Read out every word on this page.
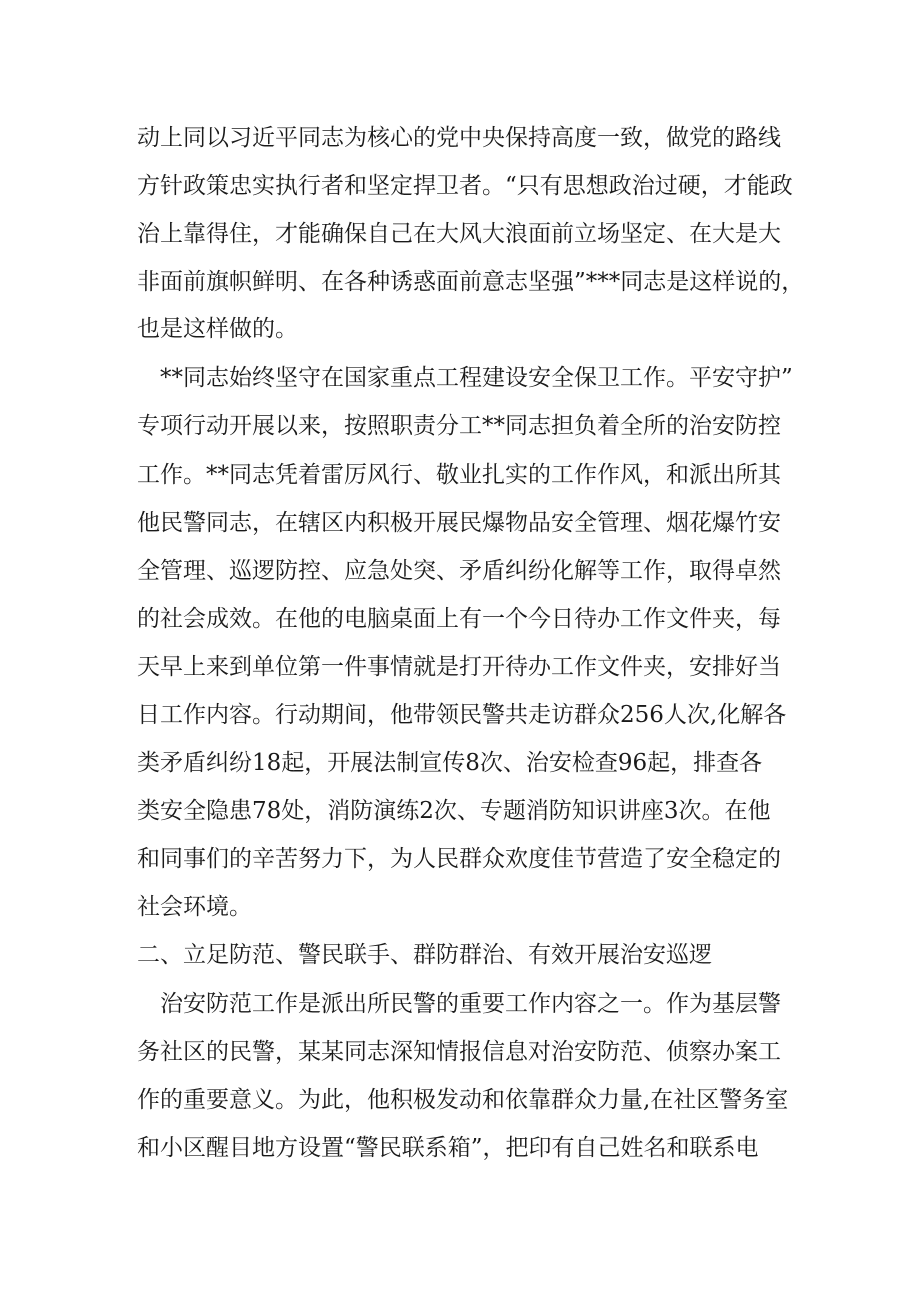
动上同以习近平同志为核心的党中央保持高度一致，做党的路线
方针政策忠实执行者和坚定捍卫者。“只有思想政治过硬，才能政
治上靠得住，才能确保自己在大风大浪面前立场坚定、在大是大
非面前旗帜鲜明、在各种诱惑面前意志坚强”***同志是这样说的，
也是这样做的。
**同志始终坚守在国家重点工程建设安全保卫工作。平安守护”
专项行动开展以来，按照职责分工**同志担负着全所的治安防控
工作。**同志凭着雷厉风行、敬业扎实的工作作风，和派出所其
他民警同志，在辖区内积极开展民爆物品安全管理、烟花爆竹安
全管理、巡逻防控、应急处突、矛盾纠纷化解等工作，取得卓然
的社会成效。在他的电脑桌面上有一个今日待办工作文件夹，每
天早上来到单位第一件事情就是打开待办工作文件夹，安排好当
日工作内容。行动期间，他带领民警共走访群众256人次,化解各
类矛盾纠纷18起，开展法制宣传8次、治安检查96起，排查各
类安全隐患78处，消防演练2次、专题消防知识讲座3次。在他
和同事们的辛苦努力下，为人民群众欢度佳节营造了安全稳定的
社会环境。
二、立足防范、警民联手、群防群治、有效开展治安巡逻
治安防范工作是派出所民警的重要工作内容之一。作为基层警
务社区的民警，某某同志深知情报信息对治安防范、侦察办案工
作的重要意义。为此，他积极发动和依靠群众力量,在社区警务室
和小区醒目地方设置“警民联系箱”，把印有自己姓名和联系电
